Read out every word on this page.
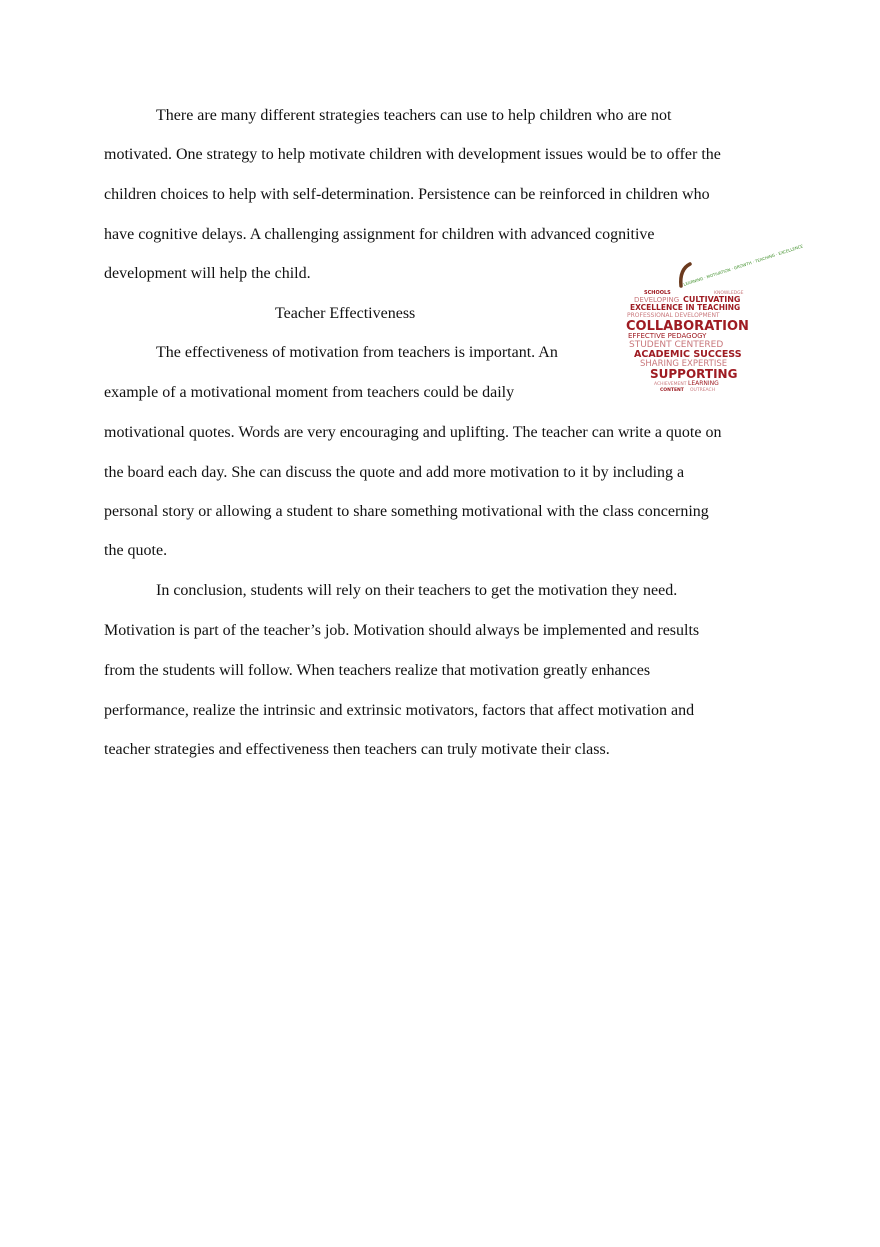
There are many different strategies teachers can use to help children who are not
motivated. One strategy to help motivate children with development issues would be to offer the
children choices to help with self-determination. Persistence can be reinforced in children who
have cognitive delays. A challenging assignment for children with advanced cognitive
development will help the child.
Teacher Effectiveness
The effectiveness of motivation from teachers is important. An
example of a motivational moment from teachers could be daily
motivational quotes. Words are very encouraging and uplifting. The teacher can write a quote on
the board each day. She can discuss the quote and add more motivation to it by including a
personal story or allowing a student to share something motivational with the class concerning
the quote.
In conclusion, students will rely on their teachers to get the motivation they need.
Motivation is part of the teacher’s job. Motivation should always be implemented and results
from the students will follow. When teachers realize that motivation greatly enhances
performance, realize the intrinsic and extrinsic motivators, factors that affect motivation and
teacher strategies and effectiveness then teachers can truly motivate their class.
LEARNING · MOTIVATION · GROWTH · TEACHING · EXCELLENCE
SCHOOLS	KNOWLEDGE
DEVELOPING CULTIVATING
EXCELLENCE IN TEACHING
PROFESSIONAL DEVELOPMENT
COLLABORATION
EFFECTIVE PEDAGOGY
STUDENT CENTERED
ACADEMIC SUCCESS
SHARING EXPERTISE
SUPPORTING
ACHIEVEMENT LEARNING
CONTENT OUTREACH
